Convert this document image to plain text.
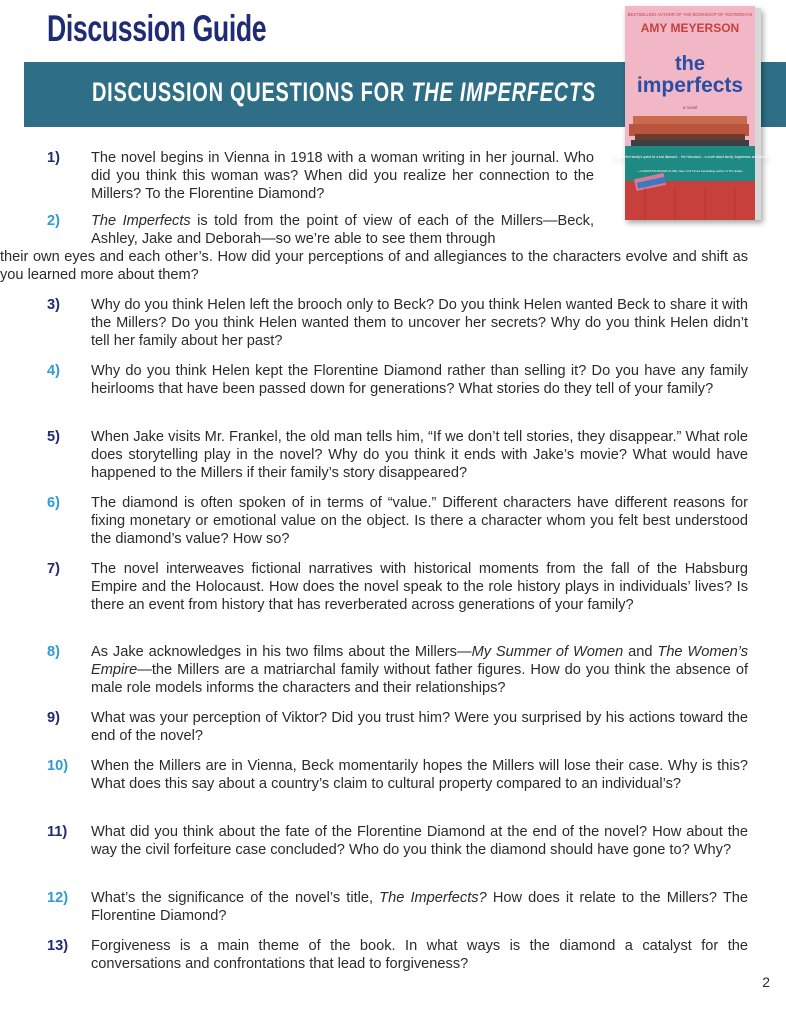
Discussion Guide
DISCUSSION QUESTIONS FOR THE IMPERFECTS
BESTSELLING AUTHOR OF THE BOOKSHOP OF YESTERDAYS
AMY MEYERSON
the
imperfects
a novel
"An Imperfect family's quest for a lost diamond… the Holocaust… a novel about family, forgiveness and history"
—CHRISTINA BAKER KLINE, New York Times bestselling author of The Exiles
1) The novel begins in Vienna in 1918 with a woman writing in her journal. Who did you think this woman was? When did you realize her connection to the Millers? To the Florentine Diamond?
2) The Imperfects is told from the point of view of each of the Millers—Beck, Ashley, Jake and Deborah—so we’re able to see them through
their own eyes and each other’s. How did your perceptions of and allegiances to the characters evolve and shift as you learned more about them?
3) Why do you think Helen left the brooch only to Beck? Do you think Helen wanted Beck to share it with the Millers? Do you think Helen wanted them to uncover her secrets? Why do you think Helen didn’t tell her family about her past?
4) Why do you think Helen kept the Florentine Diamond rather than selling it? Do you have any family heirlooms that have been passed down for generations? What stories do they tell of your family?
5) When Jake visits Mr. Frankel, the old man tells him, “If we don’t tell stories, they disappear.” What role does storytelling play in the novel? Why do you think it ends with Jake’s movie? What would have happened to the Millers if their family’s story disappeared?
6) The diamond is often spoken of in terms of “value.” Different characters have different reasons for fixing monetary or emotional value on the object. Is there a character whom you felt best understood the diamond’s value? How so?
7) The novel interweaves fictional narratives with historical moments from the fall of the Habsburg Empire and the Holocaust. How does the novel speak to the role history plays in individuals’ lives? Is there an event from history that has reverberated across generations of your family?
8) As Jake acknowledges in his two films about the Millers—My Summer of Women and The Women’s Empire—the Millers are a matriarchal family without father figures. How do you think the absence of male role models informs the characters and their relationships?
9) What was your perception of Viktor? Did you trust him? Were you surprised by his actions toward the end of the novel?
10) When the Millers are in Vienna, Beck momentarily hopes the Millers will lose their case. Why is this? What does this say about a country’s claim to cultural property compared to an individual’s?
11) What did you think about the fate of the Florentine Diamond at the end of the novel? How about the way the civil forfeiture case concluded? Who do you think the diamond should have gone to? Why?
12) What’s the significance of the novel’s title, The Imperfects? How does it relate to the Millers? The Florentine Diamond?
13) Forgiveness is a main theme of the book. In what ways is the diamond a catalyst for the conversations and confrontations that lead to forgiveness?
2
